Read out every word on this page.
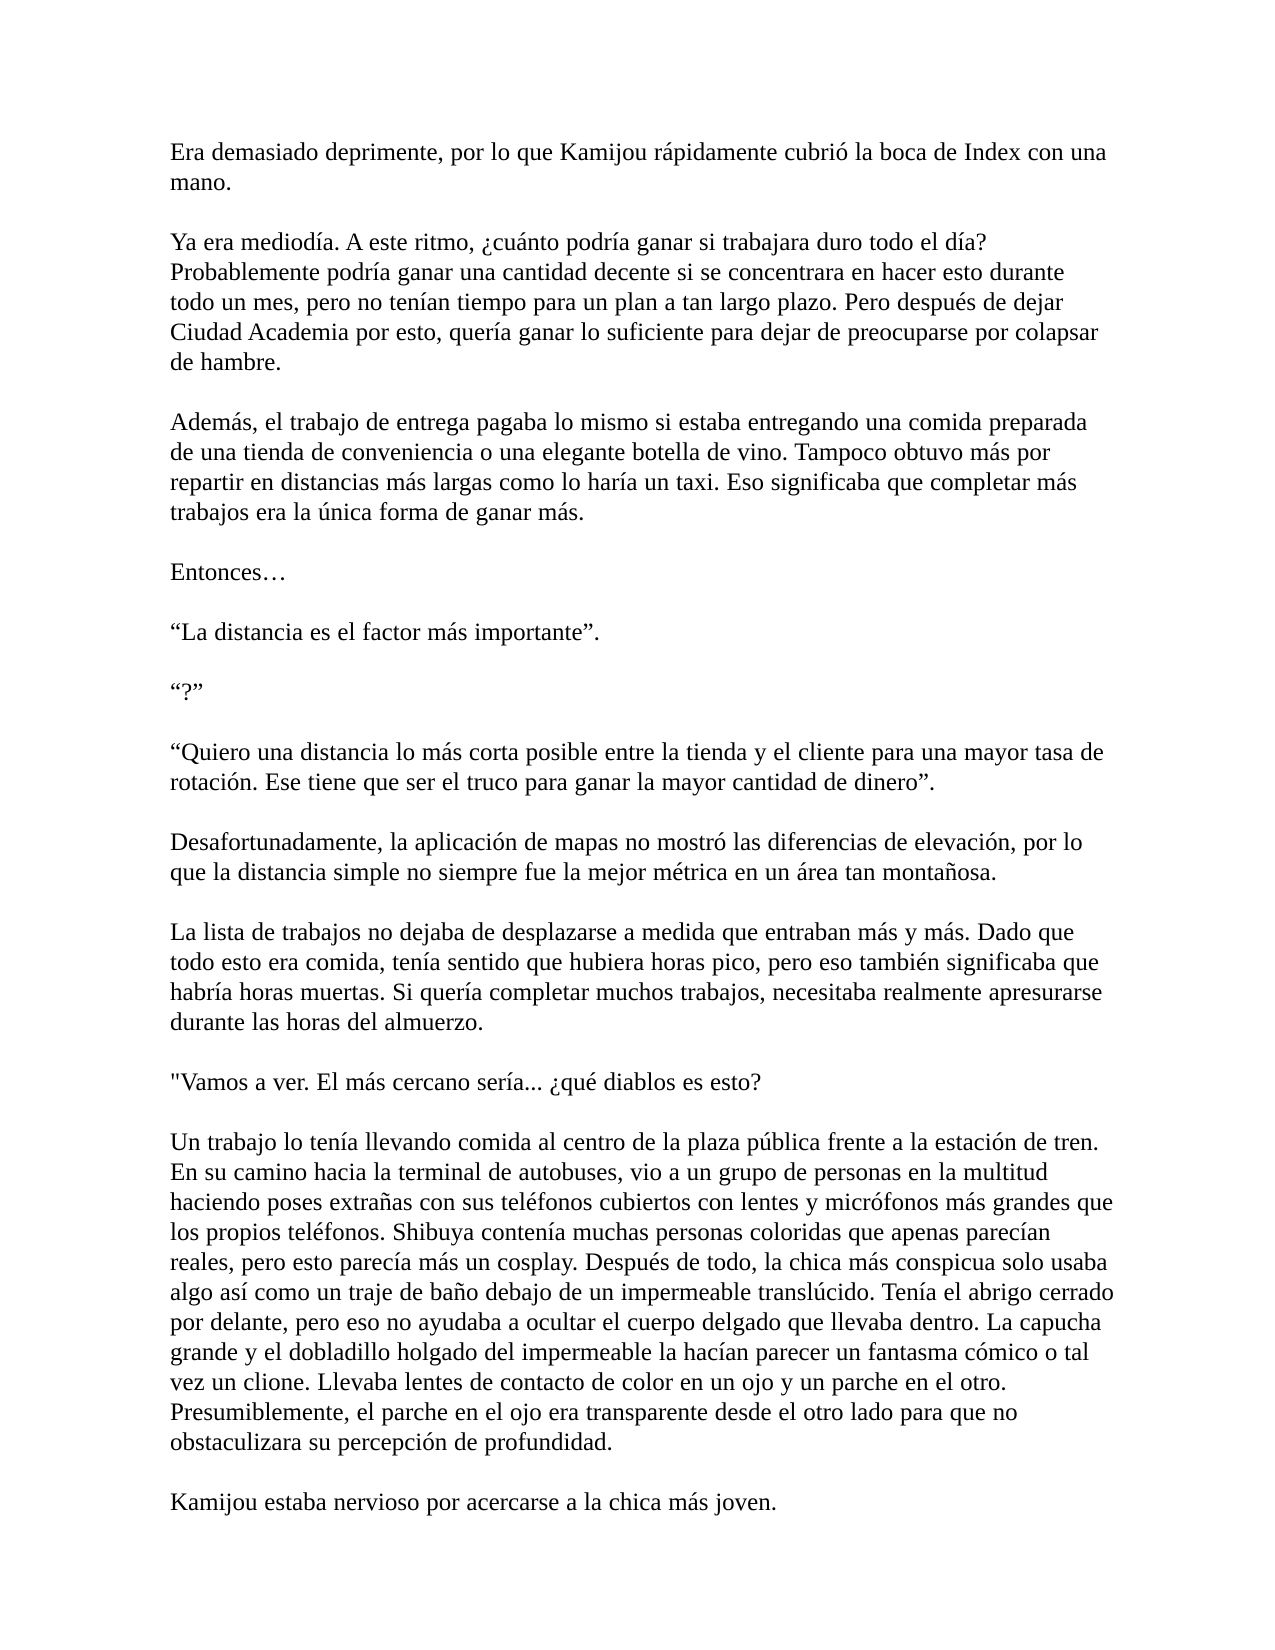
Era demasiado deprimente, por lo que Kamijou rápidamente cubrió la boca de Index con una mano.

Ya era mediodía. A este ritmo, ¿cuánto podría ganar si trabajara duro todo el día? Probablemente podría ganar una cantidad decente si se concentrara en hacer esto durante todo un mes, pero no tenían tiempo para un plan a tan largo plazo. Pero después de dejar Ciudad Academia por esto, quería ganar lo suficiente para dejar de preocuparse por colapsar de hambre.

Además, el trabajo de entrega pagaba lo mismo si estaba entregando una comida preparada de una tienda de conveniencia o una elegante botella de vino. Tampoco obtuvo más por repartir en distancias más largas como lo haría un taxi. Eso significaba que completar más trabajos era la única forma de ganar más.

Entonces…

“La distancia es el factor más importante”.

“?”

“Quiero una distancia lo más corta posible entre la tienda y el cliente para una mayor tasa de rotación. Ese tiene que ser el truco para ganar la mayor cantidad de dinero”.

Desafortunadamente, la aplicación de mapas no mostró las diferencias de elevación, por lo que la distancia simple no siempre fue la mejor métrica en un área tan montañosa.

La lista de trabajos no dejaba de desplazarse a medida que entraban más y más. Dado que todo esto era comida, tenía sentido que hubiera horas pico, pero eso también significaba que habría horas muertas. Si quería completar muchos trabajos, necesitaba realmente apresurarse durante las horas del almuerzo.

"Vamos a ver. El más cercano sería... ¿qué diablos es esto?

Un trabajo lo tenía llevando comida al centro de la plaza pública frente a la estación de tren. En su camino hacia la terminal de autobuses, vio a un grupo de personas en la multitud haciendo poses extrañas con sus teléfonos cubiertos con lentes y micrófonos más grandes que los propios teléfonos. Shibuya contenía muchas personas coloridas que apenas parecían reales, pero esto parecía más un cosplay. Después de todo, la chica más conspicua solo usaba algo así como un traje de baño debajo de un impermeable translúcido. Tenía el abrigo cerrado por delante, pero eso no ayudaba a ocultar el cuerpo delgado que llevaba dentro. La capucha grande y el dobladillo holgado del impermeable la hacían parecer un fantasma cómico o tal vez un clione. Llevaba lentes de contacto de color en un ojo y un parche en el otro. Presumiblemente, el parche en el ojo era transparente desde el otro lado para que no obstaculizara su percepción de profundidad.

Kamijou estaba nervioso por acercarse a la chica más joven.
